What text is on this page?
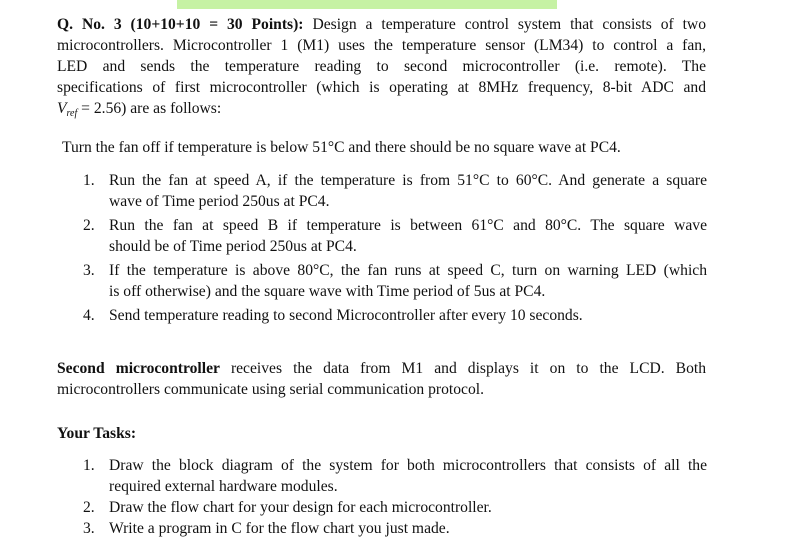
Q. No. 3 (10+10+10 = 30 Points): Design a temperature control system that consists of two
microcontrollers. Microcontroller 1 (M1) uses the temperature sensor (LM34) to control a fan,
LED and sends the temperature reading to second microcontroller (i.e. remote). The
specifications of first microcontroller (which is operating at 8MHz frequency, 8-bit ADC and
$V_{ref} = 2.56$) are as follows:
Turn the fan off if temperature is below 51°C and there should be no square wave at PC4.
1. Run the fan at speed A, if the temperature is from 51°C to 60°C. And generate a square
wave of Time period 250us at PC4.
2. Run the fan at speed B if temperature is between 61°C and 80°C. The square wave
should be of Time period 250us at PC4.
3. If the temperature is above 80°C, the fan runs at speed C, turn on warning LED (which
is off otherwise) and the square wave with Time period of 5us at PC4.
4. Send temperature reading to second Microcontroller after every 10 seconds.
Second microcontroller receives the data from M1 and displays it on to the LCD. Both
microcontrollers communicate using serial communication protocol.
Your Tasks:
1. Draw the block diagram of the system for both microcontrollers that consists of all the
required external hardware modules.
2. Draw the flow chart for your design for each microcontroller.
3. Write a program in C for the flow chart you just made.
